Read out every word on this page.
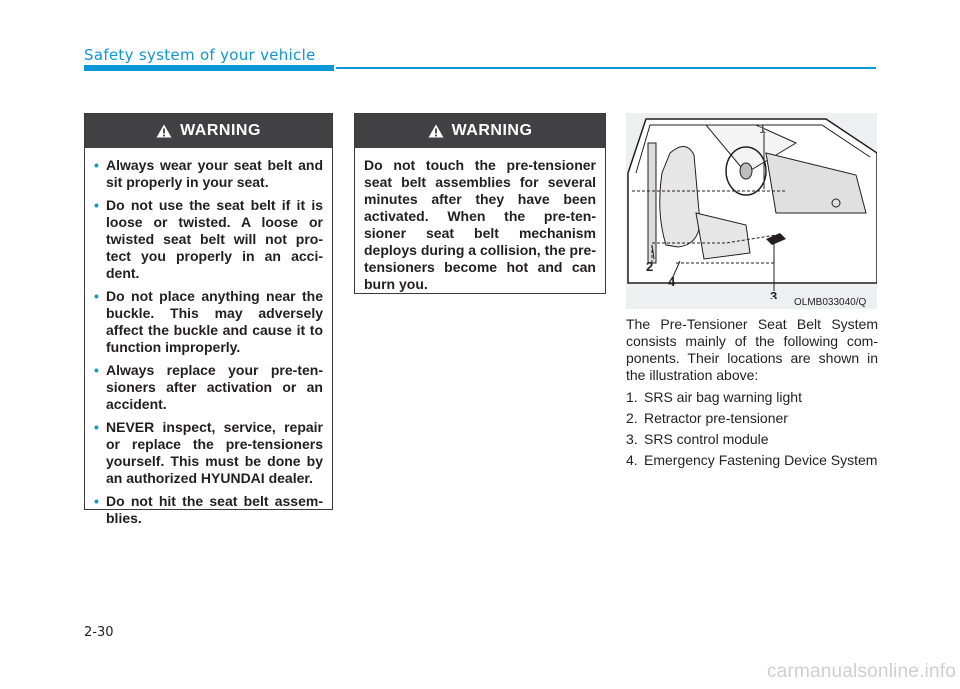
Safety system of your vehicle
WARNING
• Always wear your seat belt and sit properly in your seat.
• Do not use the seat belt if it is loose or twisted. A loose or twisted seat belt will not pro- tect you properly in an acci- dent.
• Do not place anything near the buckle. This may adversely affect the buckle and cause it to function improperly.
• Always replace your pre-ten- sioners after activation or an accident.
• NEVER inspect, service, repair or replace the pre-tensioners yourself. This must be done by an authorized HYUNDAI dealer.
• Do not hit the seat belt assem- blies.
WARNING
Do not touch the pre-tensioner seat belt assemblies for several minutes after they have been activated. When the pre-ten- sioner seat belt mechanism deploys during a collision, the pre-tensioners become hot and can burn you.
1
2
3
4
OLMB033040/Q

The Pre-Tensioner Seat Belt System consists mainly of the following com- ponents. Their locations are shown in the illustration above:

1. SRS air bag warning light
2. Retractor pre-tensioner
3. SRS control module
4. Emergency Fastening Device System
2-30
carmanualsonline.info
